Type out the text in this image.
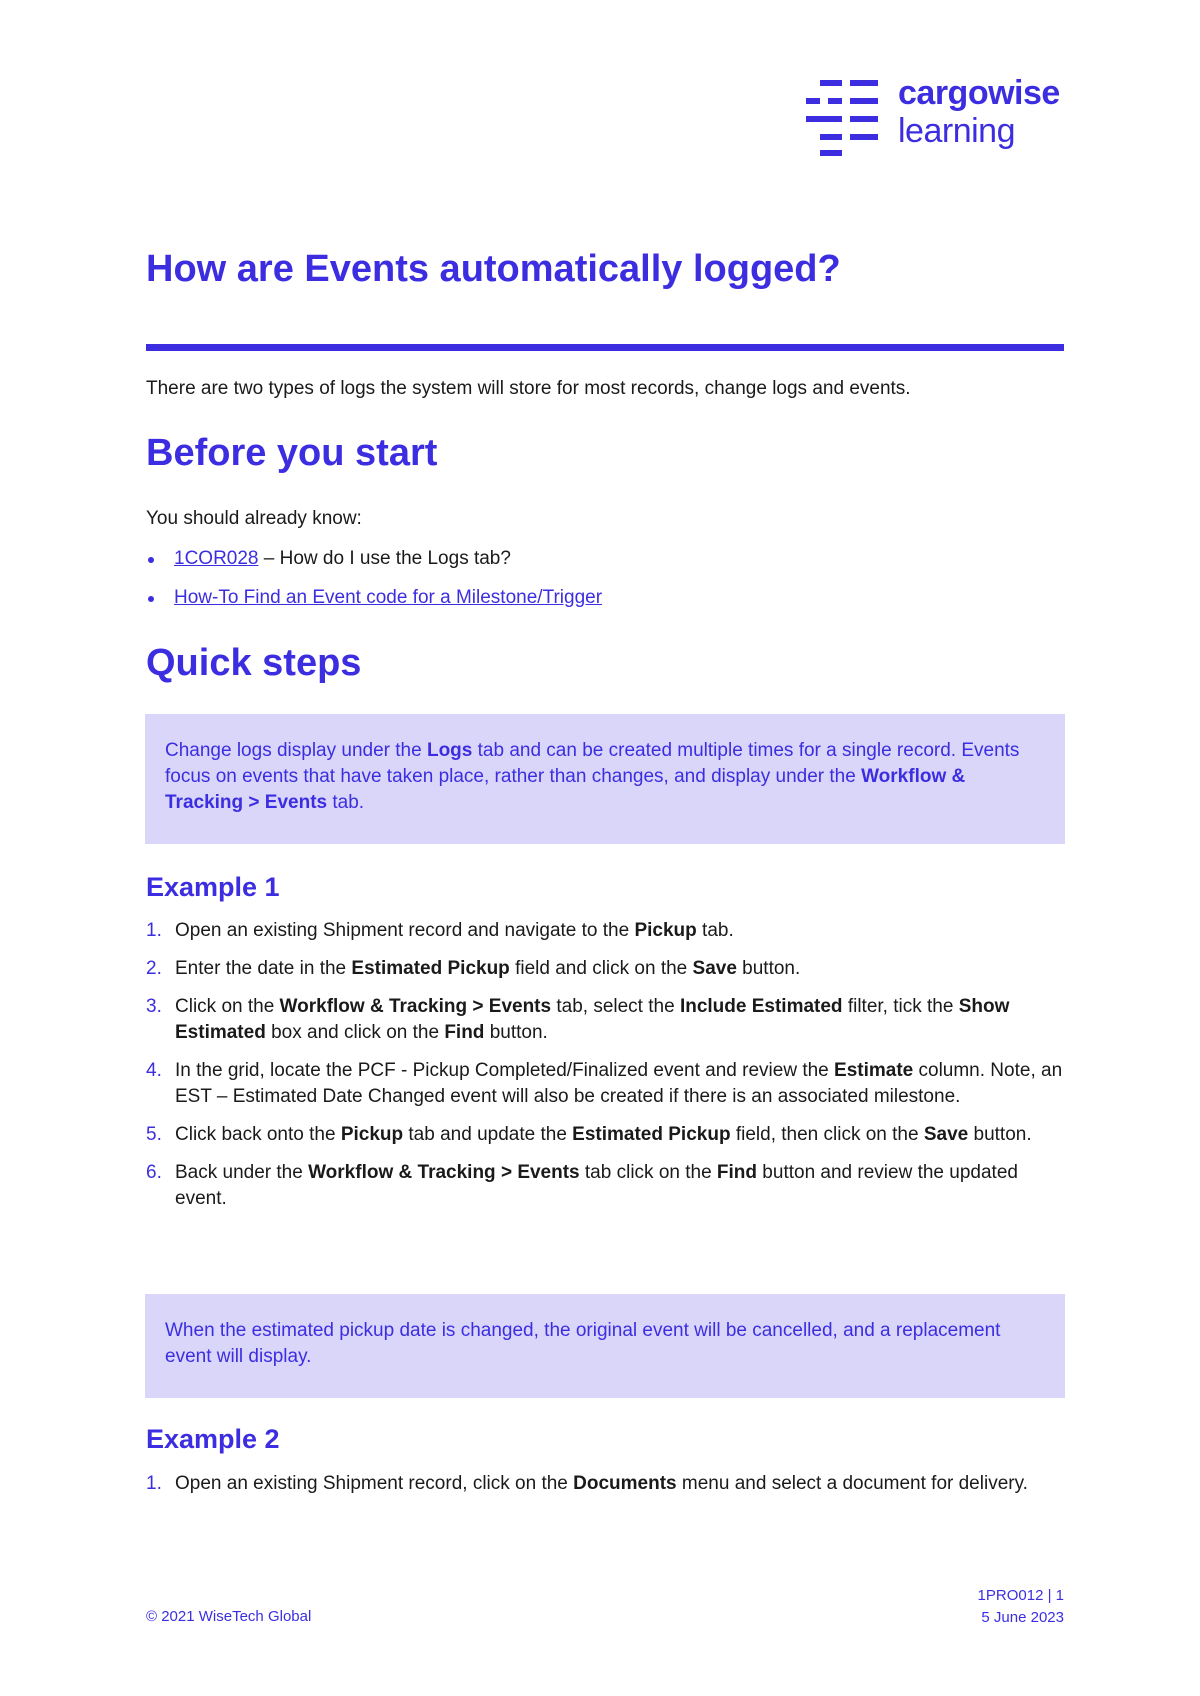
cargowise
learning
How are Events automatically logged?

There are two types of logs the system will store for most records, change logs and events.

Before you start

You should already know:

1COR028 – How do I use the Logs tab?
How-To Find an Event code for a Milestone/Trigger
Quick steps
Change logs display under the Logs tab and can be created multiple times for a single record. Events focus on events that have taken place, rather than changes, and display under the Workflow & Tracking > Events tab.
Example 1
1. Open an existing Shipment record and navigate to the Pickup tab.
2. Enter the date in the Estimated Pickup field and click on the Save button.
3. Click on the Workflow & Tracking > Events tab, select the Include Estimated filter, tick the Show Estimated box and click on the Find button.
4. In the grid, locate the PCF - Pickup Completed/Finalized event and review the Estimate column. Note, an EST – Estimated Date Changed event will also be created if there is an associated milestone.
5. Click back onto the Pickup tab and update the Estimated Pickup field, then click on the Save button.
6. Back under the Workflow & Tracking > Events tab click on the Find button and review the updated event.
When the estimated pickup date is changed, the original event will be cancelled, and a replacement event will display.
Example 2
1. Open an existing Shipment record, click on the Documents menu and select a document for delivery.
© 2021 WiseTech Global
1PRO012 | 1
5 June 2023
